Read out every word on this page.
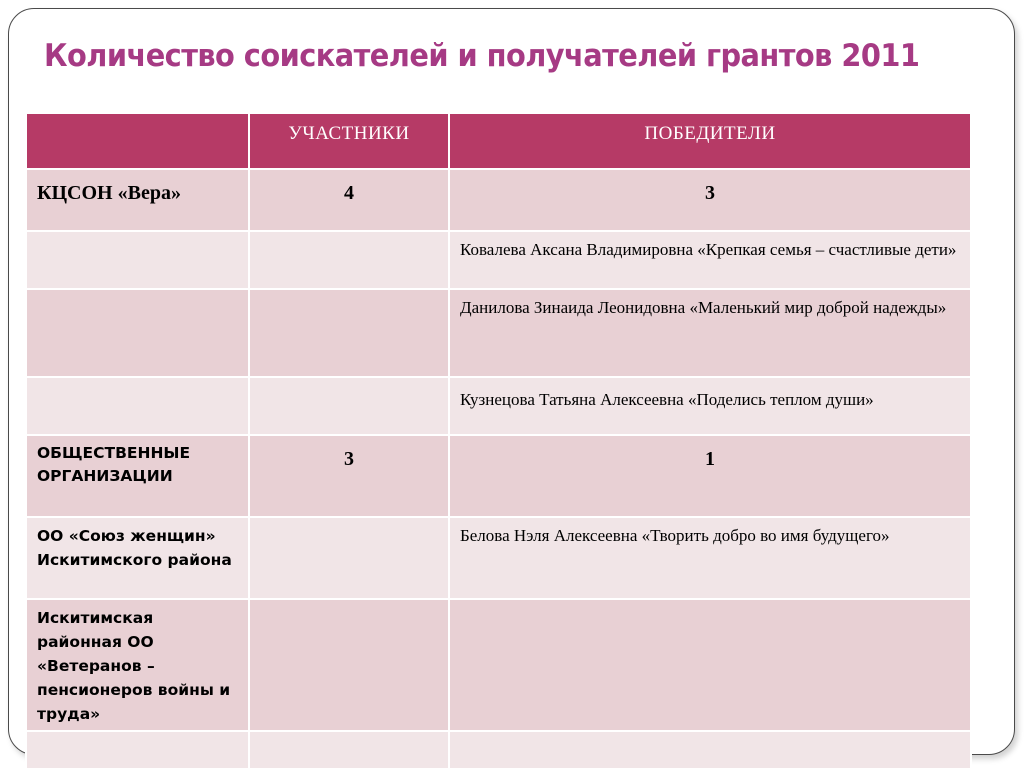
Количество соискателей и получателей грантов 2011
	УЧАСТНИКИ	ПОБЕДИТЕЛИ
КЦСОН «Вера»	4	3
		Ковалева Аксана Владимировна «Крепкая семья – счастливые дети»
		Данилова Зинаида Леонидовна «Маленький мир доброй надежды»
		Кузнецова Татьяна Алексеевна «Поделись теплом души»
ОБЩЕСТВЕННЫЕ ОРГАНИЗАЦИИ	3	1
ОО «Союз женщин» Искитимского района		Белова Нэля Алексеевна «Творить добро во имя будущего»
Искитимская районная ОО «Ветеранов – пенсионеров войны и труда»		
